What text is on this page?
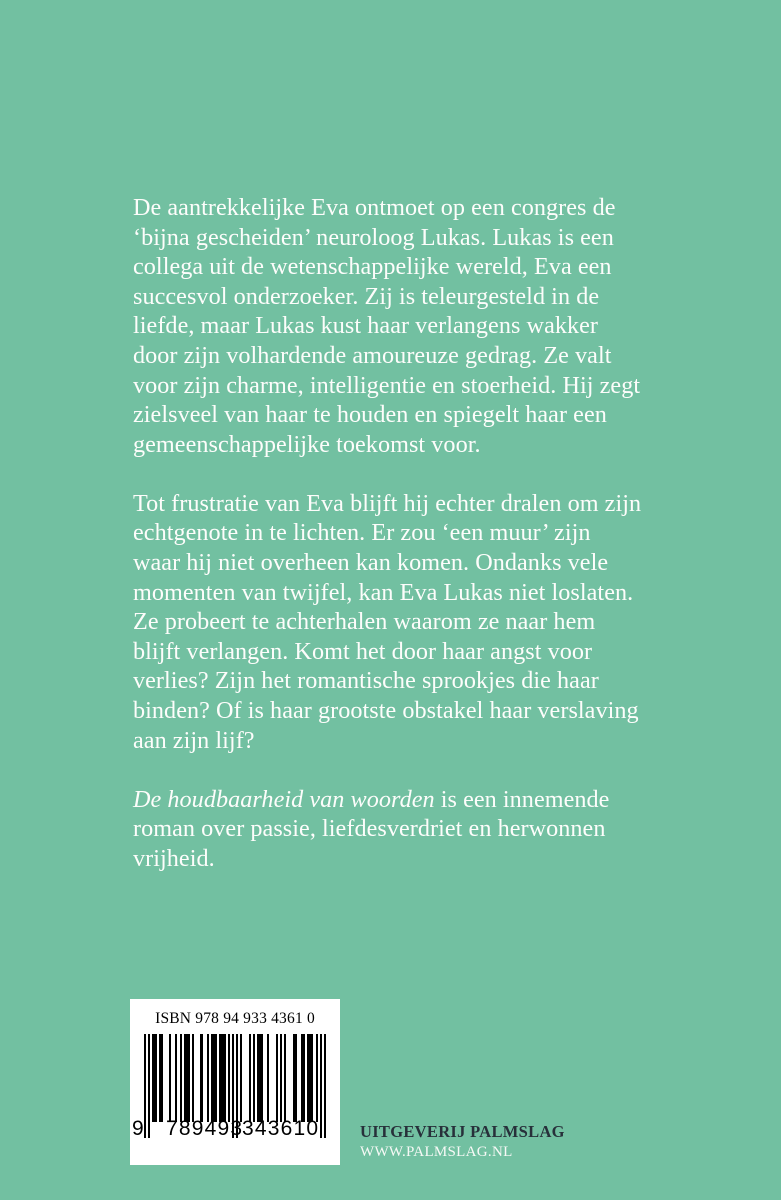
De aantrekkelijke Eva ontmoet op een congres de ‘bijna gescheiden’ neuroloog Lukas. Lukas is een collega uit de wetenschappelijke wereld, Eva een succesvol onderzoeker. Zij is teleurgesteld in de liefde, maar Lukas kust haar verlangens wakker door zijn volhardende amoureuze gedrag. Ze valt voor zijn charme, intelligentie en stoerheid. Hij zegt zielsveel van haar te houden en spiegelt haar een gemeenschappelijke toekomst voor.

Tot frustratie van Eva blijft hij echter dralen om zijn echtgenote in te lichten. Er zou ‘een muur’ zijn waar hij niet overheen kan komen. Ondanks vele momenten van twijfel, kan Eva Lukas niet loslaten. Ze probeert te achterhalen waarom ze naar hem blijft verlangen. Komt het door haar angst voor verlies? Zijn het romantische sprookjes die haar binden? Of is haar grootste obstakel haar verslaving aan zijn lijf?

De houdbaarheid van woorden is een innemende roman over passie, liefdesverdriet en herwonnen vrijheid.

ISBN 978 94 933 4361 0
9 789493
343610 UITGEVERIJ PALMSLAG
WWW.PALMSLAG.NL
